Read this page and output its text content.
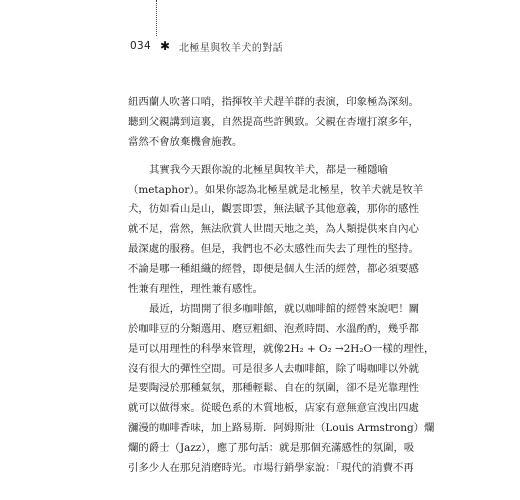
034 ✱ 北極星與牧羊犬的對話
紐西蘭人吹著口哨，指揮牧羊犬趕羊群的表演，印象極為深刻。
聽到父親講到這裏，自然提高些許興致。父親在杏壇打滾多年，
當然不會放棄機會施教。
其實我今天跟你說的北極星與牧羊犬，都是一種隱喻
（metaphor）。如果你認為北極星就是北極星，牧羊犬就是牧羊
犬，彷如看山是山，觀雲即雲，無法賦予其他意義，那你的感性
就不足，當然，無法欣賞人世間天地之美，為人類提供來自內心
最深處的服務。但是，我們也不必太感性而失去了理性的堅持。
不論是哪一種組織的經營，即便是個人生活的經營，都必須要感
性兼有理性，理性兼有感性。
最近，坊間開了很多咖啡館，就以咖啡館的經營來說吧！關
於咖啡豆的分類選用、磨豆粗細、泡煮時間、水溫酌酌，幾乎都
是可以用理性的科學來管理，就像2H₂ + O₂ →2H₂O一樣的理性，
沒有很大的彈性空間。可是很多人去咖啡館，除了喝咖啡以外就
是要陶浸於那種氣氛，那種輕鬆、自在的氛圍，卻不是光靠理性
就可以做得來。從暖色系的木質地板，店家有意無意宣洩出四處
瀰漫的咖啡香味，加上路易斯．阿姆斯壯（Louis Armstrong）爛
爛的爵士（Jazz），應了那句話：就是那個充滿感性的氛圍，吸
引多少人在那兒消磨時光。市場行銷學家說：「現代的消費不再
